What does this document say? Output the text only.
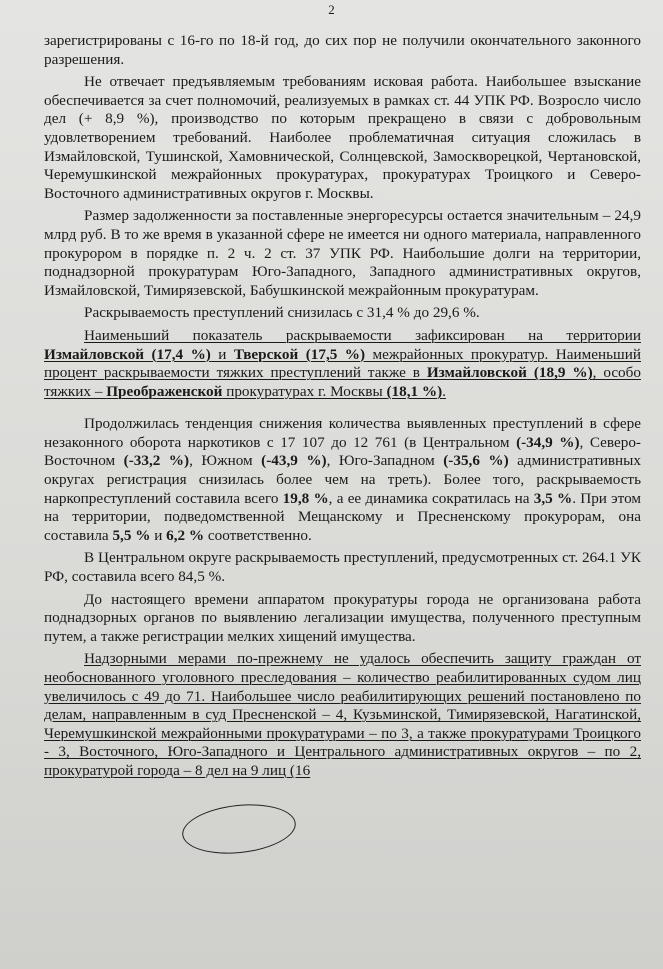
2

зарегистрированы с 16-го по 18-й год, до сих пор не получили окончательного законного разрешения.

Не отвечает предъявляемым требованиям исковая работа. Наибольшее взыскание обеспечивается за счет полномочий, реализуемых в рамках ст. 44 УПК РФ. Возросло число дел (+ 8,9 %), производство по которым прекращено в связи с добровольным удовлетворением требований. Наиболее проблематичная ситуация сложилась в Измайловской, Тушинской, Хамовнической, Солнцевской, Замоскворецкой, Чертановской, Черемушкинской межрайонных прокуратурах, прокуратурах Троицкого и Северо-Восточного административных округов г. Москвы.

Размер задолженности за поставленные энергоресурсы остается значительным – 24,9 млрд руб. В то же время в указанной сфере не имеется ни одного материала, направленного прокурором в порядке п. 2 ч. 2 ст. 37 УПК РФ. Наибольшие долги на территории, поднадзорной прокуратурам Юго-Западного, Западного административных округов, Измайловской, Тимирязевской, Бабушкинской межрайонным прокуратурам.

Раскрываемость преступлений снизилась с 31,4 % до 29,6 %.

Наименьший показатель раскрываемости зафиксирован на территории Измайловской (17,4 %) и Тверской (17,5 %) межрайонных прокуратур. Наименьший процент раскрываемости тяжких преступлений также в Измайловской (18,9 %), особо тяжких – Преображенской прокуратурах г. Москвы (18,1 %).

Продолжилась тенденция снижения количества выявленных преступлений в сфере незаконного оборота наркотиков с 17 107 до 12 761 (в Центральном (-34,9 %), Северо-Восточном (-33,2 %), Южном (-43,9 %), Юго-Западном (-35,6 %) административных округах регистрация снизилась более чем на треть). Более того, раскрываемость наркопреступлений составила всего 19,8 %, а ее динамика сократилась на 3,5 %. При этом на территории, подведомственной Мещанскому и Пресненскому прокурорам, она составила 5,5 % и 6,2 % соответственно.

В Центральном округе раскрываемость преступлений, предусмотренных ст. 264.1 УК РФ, составила всего 84,5 %.

До настоящего времени аппаратом прокуратуры города не организована работа поднадзорных органов по выявлению легализации имущества, полученного преступным путем, а также регистрации мелких хищений имущества.

Надзорными мерами по-прежнему не удалось обеспечить защиту граждан от необоснованного уголовного преследования – количество реабилитированных судом лиц увеличилось с 49 до 71. Наибольшее число реабилитирующих решений постановлено по делам, направленным в суд Пресненской – 4, Кузьминской, Тимирязевской, Нагатинской, Черемушкинской межрайонными прокуратурами – по 3, а также прокуратурами Троицкого - 3, Восточного, Юго-Западного и Центрального административных округов – по 2, прокуратурой города – 8 дел на 9 лиц (16
